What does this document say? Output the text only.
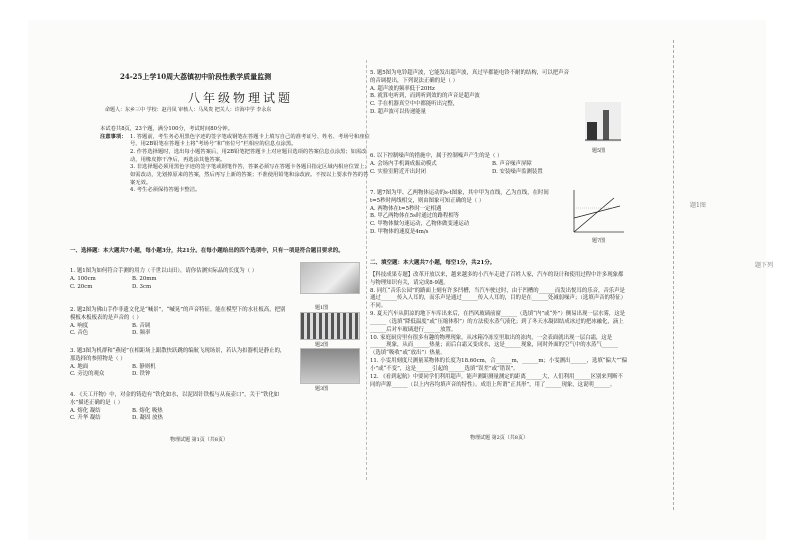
24-25上学10周大荔镇初中阶段性教学质量监测
八年级物理试题
命题人：东乡三中 学校：赵丹凤 审核人：马凤贵 把关人：许海中学 李永东
本试卷共8页，23个题，满分100分，考试时间80分钟。
注意事项： 1. 答题前，考生务必用黑色字迹的签字笔或钢笔在答题卡上填写自己的准考证号、姓名、考场号和座位号，用2B铅笔在答题卡上将“考场号”和“座位号”栏相应的信息点涂黑。
2. 作答选择题时，选出每小题答案后，用2B铅笔把答题卡上对应题目选项的答案信息点涂黑；如需改动，用橡皮擦干净后，再选涂其他答案。
3. 非选择题必须用黑色字迹的签字笔或钢笔作答，答案必须写在答题卡各题目指定区域内相应位置上；如需改动，先划掉原来的答案，然后再写上新的答案；不准使用铅笔和涂改液。不按以上要求作答的答案无效。
4. 考生必须保持答题卡整洁。
一、选择题：本大题共7小题，每小题3分，共21分。在每小题给出的四个选项中，只有一项是符合题目要求的。
1. 题1图为如何符合手测的用力（千世以山田），请你估测实际品的长度为（ ）
A. 100cm	B. 20mm
C. 20cm	D. 3cm
题1图
2. 题2图为佛山手作非遗文化是“喊景”，“喊晃”的声音特征。能在模型下的水社板高，把别模板木板板表的是声音的（ ）
A. 响度	B. 音调
C. 音色	D. 频率
题2图
3. 题3图为机群和“燕尾”在相距场上跟散快跃跳的编航飞现场景，若认为扣器机是静止的，那选择的参照物是（ ）
A. 地面	B. 静则机
C. 旁边的观众	D. 铁钟
题3图
4. 《天工开物》中，对金的铸造有“铁化如水，以泥固针铁板与从夜壶口”，关于“铁化如水”描述正确的是（ ）
A. 熔化 凝结	B. 熔化 吸热
C. 升华 凝结	D. 凝固 放热
物理试题 第1页（共8页）
5. 题5图为电铃超声波，它能发出超声波，真过早都能电铃不耐的结构，可以把声音的音调提出，下列说法正确的是（ ）
A. 超声波的频率低于20Hz
B. 就算电听到，而到听到效的的声音是超声波
C. 手在机器真空中中都能听出完整，
D. 超声波可以传递能量
题5图
6. 以下控制噪声的措施中，属于控制噪声产生的是（ ）
A. 会场内手机调成振动模式	B. 声音噪声屏障
C. 实验室附近开出封闭	D. 安装噪声监测装置
7. 题7图为甲、乙两物体运动的s-t图象，其中甲为直线，乙为直线，在时间t=5秒时两线相交，则由图象可知正确的是（ ）
A. 两物体在t=5秒时一定相遇
B. 甲乙两物体在5s时通过的路程相等
C. 甲物体做匀速运动，乙物体做变速运动
D. 甲物体的速度是4m/s
题7图
二、填空题：本大题共7小题，每空1分，共21分。
【科技成果专题】改革开放以来，越来越多的小汽车走进了百姓人家，汽车的设计和使用过程中许多现象都与物理知识有关，请完成8-9题。
8. 同红“音乐公园”的路面上刻有许多凹槽，当汽车驶过时，由于凹槽的______而发出悦耳的乐音，音乐声是通过______传入人耳的，而乐声是通过______传入人耳的，目的是在______处减弱噪声；（选填声音的特征）不同。
9. 夏天汽车从阴凉的地下车库出来后，在挡风玻璃前窗______（选填“内”或“外”）侧易出现一层水雾，这是______（选填“降低温度”或“压缩体积”）的方法使水蒸气液化；到了冬天水凝固结成冰过的把冰融化，滴上______后对车玻璃进行______放置。
10. 家庭厨房里有很多有趣的物理现象，从冰箱冷冻室里取出的冻肉，一会表面就出现一层白霜，这是______现象，从而______热量；而后白霜又变成水，这是______现象，同时外面的空气中的水蒸气______（选填“吸收”或“放出”）热量。
11. 小雯用刻度尺测量某物体的长度为18.60cm，合______m，______m；小雯测出______，选填“偏大”“偏小”或“不变”，这是______引起的______选填“误差”或“错误”。
12. 《看到起航》中要同学们利用超声，能声测距测量测定的距离______大，人们利用______区别来判断不同的声源______（以上内容均填声音的特性）。成语上所谓“正其形”，用了______现象，这说明______。
物理试题 第2页（共8页）
题1图
题下列
